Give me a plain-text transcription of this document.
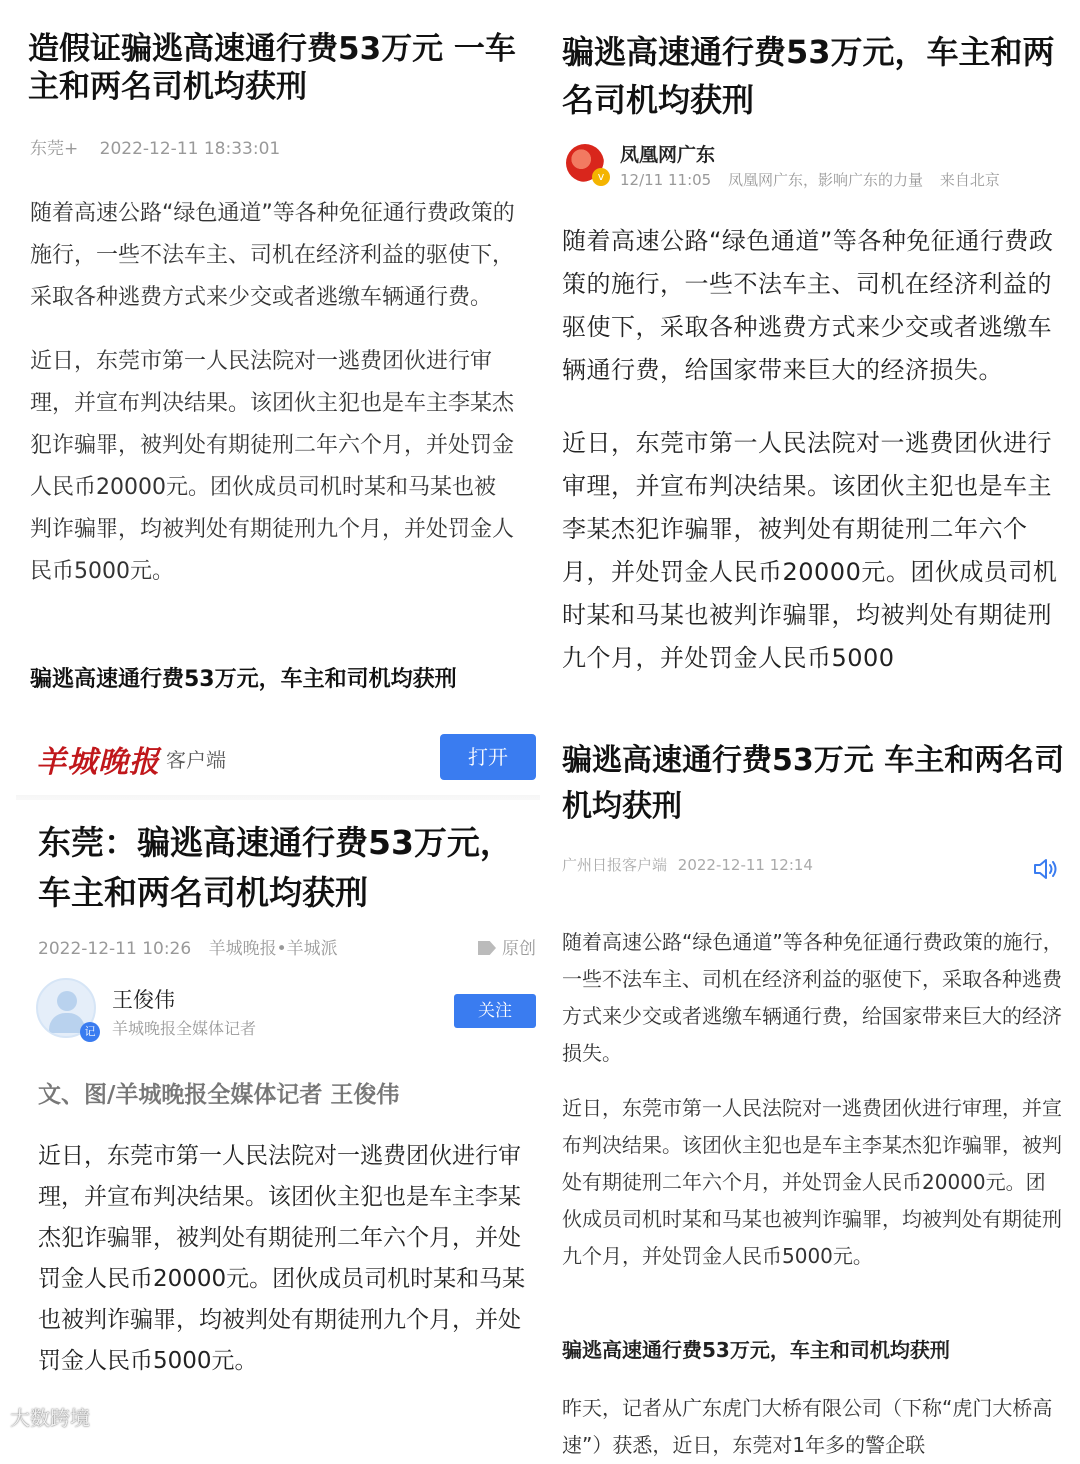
造假证骗逃高速通行费53万元 一车主和两名司机均获刑
东莞+ 2022-12-11 18:33:01

随着高速公路“绿色通道”等各种免征通行费政策的施行，一些不法车主、司机在经济利益的驱使下，采取各种逃费方式来少交或者逃缴车辆通行费。

近日，东莞市第一人民法院对一逃费团伙进行审理，并宣布判决结果。该团伙主犯也是车主李某杰犯诈骗罪，被判处有期徒刑二年六个月，并处罚金人民币20000元。团伙成员司机时某和马某也被判诈骗罪，均被判处有期徒刑九个月，并处罚金人民币5000元。

骗逃高速通行费53万元，车主和司机均获刑
羊城晚报 客户端	打开
骗逃高速通行费53万元，车主和两名司机均获刑
v
凤凰网广东
12/11 11:05 凤凰网广东，影响广东的力量 来自北京

随着高速公路“绿色通道”等各种免征通行费政策的施行，一些不法车主、司机在经济利益的驱使下，采取各种逃费方式来少交或者逃缴车辆通行费，给国家带来巨大的经济损失。

近日，东莞市第一人民法院对一逃费团伙进行审理，并宣布判决结果。该团伙主犯也是车主李某杰犯诈骗罪，被判处有期徒刑二年六个月，并处罚金人民币20000元。团伙成员司机时某和马某也被判诈骗罪，均被判处有期徒刑九个月，并处罚金人民币5000

东莞：骗逃高速通行费53万元，车主和两名司机均获刑
2022-12-11 10:26 羊城晚报•羊城派	原创
记
王俊伟
羊城晚报全媒体记者
关注
文、图/羊城晚报全媒体记者 王俊伟

近日，东莞市第一人民法院对一逃费团伙进行审理，并宣布判决结果。该团伙主犯也是车主李某杰犯诈骗罪，被判处有期徒刑二年六个月，并处罚金人民币20000元。团伙成员司机时某和马某也被判诈骗罪，均被判处有期徒刑九个月，并处罚金人民币5000元。

大数跨境
骗逃高速通行费53万元 车主和两名司机均获刑
广州日报客户端 2022-12-11 12:14

随着高速公路“绿色通道”等各种免征通行费政策的施行，一些不法车主、司机在经济利益的驱使下，采取各种逃费方式来少交或者逃缴车辆通行费，给国家带来巨大的经济损失。

近日，东莞市第一人民法院对一逃费团伙进行审理，并宣布判决结果。该团伙主犯也是车主李某杰犯诈骗罪，被判处有期徒刑二年六个月，并处罚金人民币20000元。团伙成员司机时某和马某也被判诈骗罪，均被判处有期徒刑九个月，并处罚金人民币5000元。

骗逃高速通行费53万元，车主和司机均获刑
昨天，记者从广东虎门大桥有限公司（下称“虎门大桥高速”）获悉，近日，东莞对1年多的警企联
